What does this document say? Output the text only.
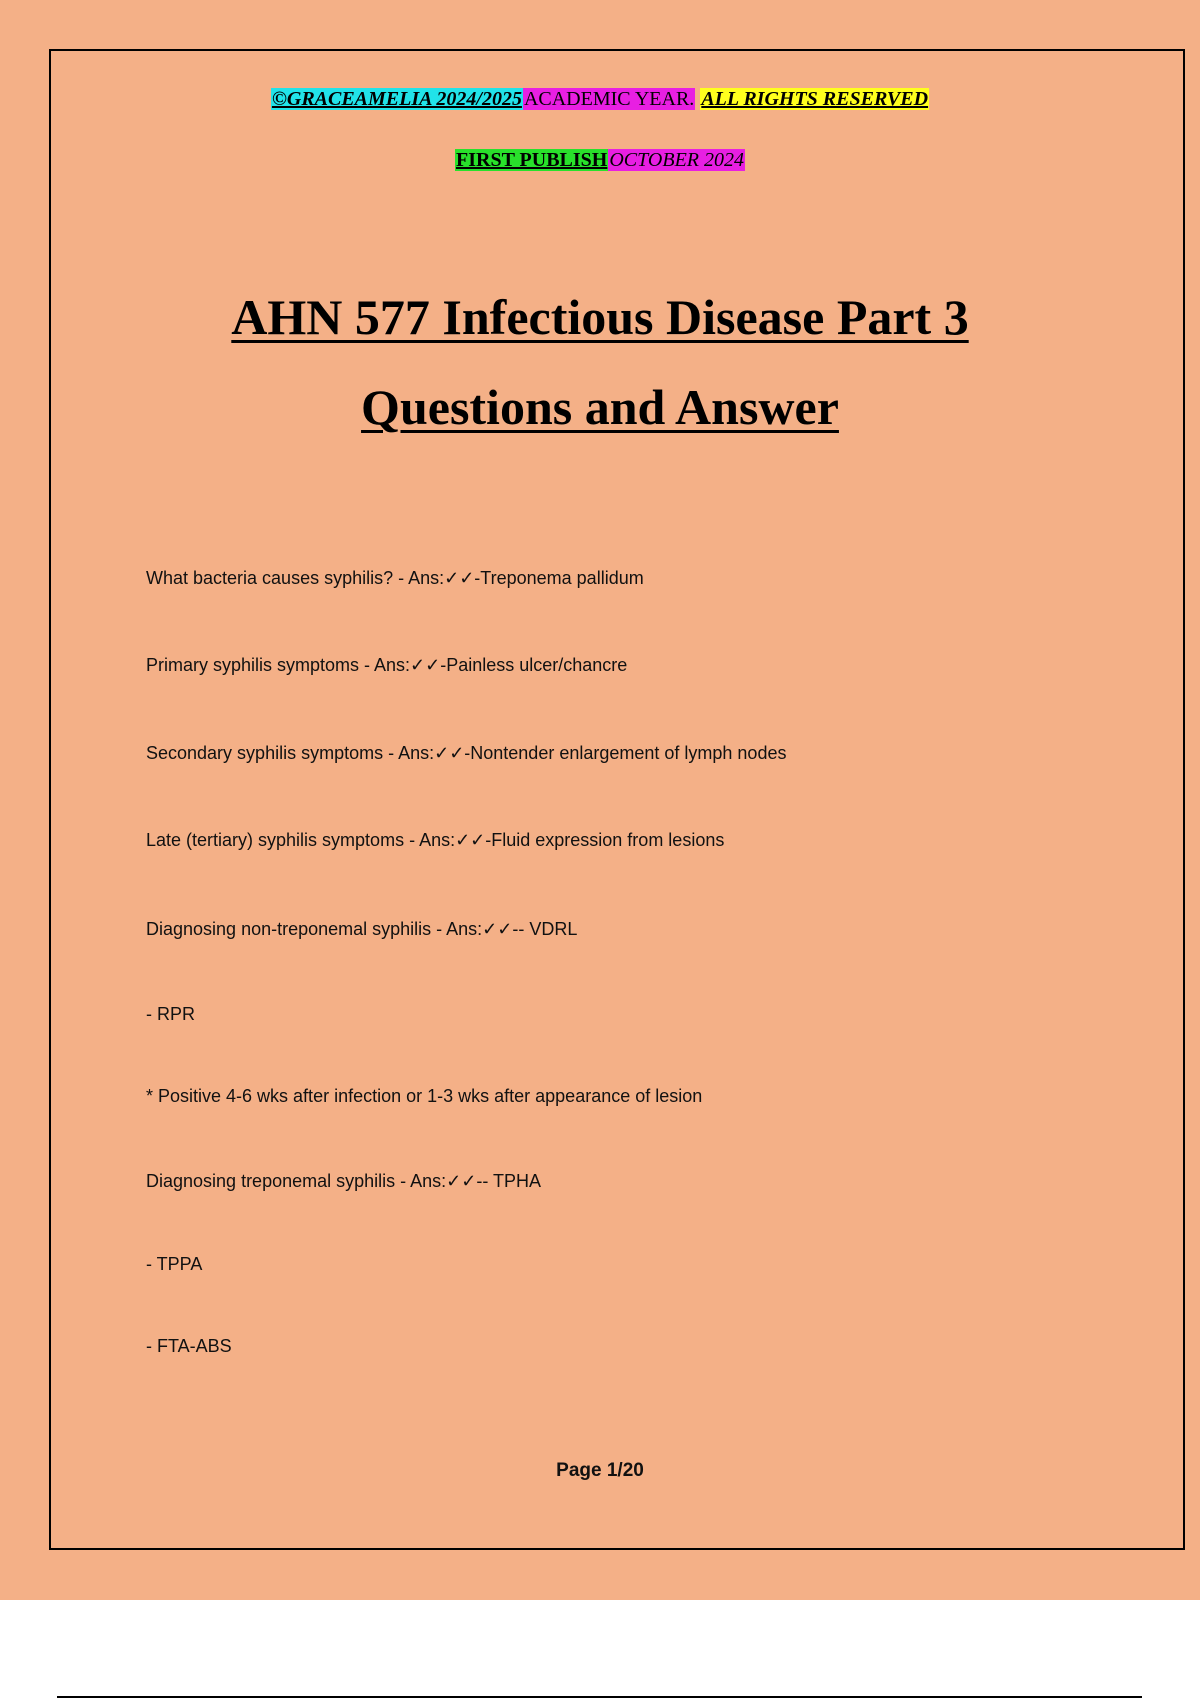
©GRACEAMELIA 2024/2025 ACADEMIC YEAR. ALL RIGHTS RESERVED
FIRST PUBLISH OCTOBER 2024
AHN 577 Infectious Disease Part 3
Questions and Answer
What bacteria causes syphilis? - Ans:✓✓-Treponema pallidum
Primary syphilis symptoms - Ans:✓✓-Painless ulcer/chancre
Secondary syphilis symptoms - Ans:✓✓-Nontender enlargement of lymph nodes
Late (tertiary) syphilis symptoms - Ans:✓✓-Fluid expression from lesions
Diagnosing non-treponemal syphilis - Ans:✓✓-- VDRL
- RPR
* Positive 4-6 wks after infection or 1-3 wks after appearance of lesion
Diagnosing treponemal syphilis - Ans:✓✓-- TPHA
- TPPA
- FTA-ABS
Page 1/20
